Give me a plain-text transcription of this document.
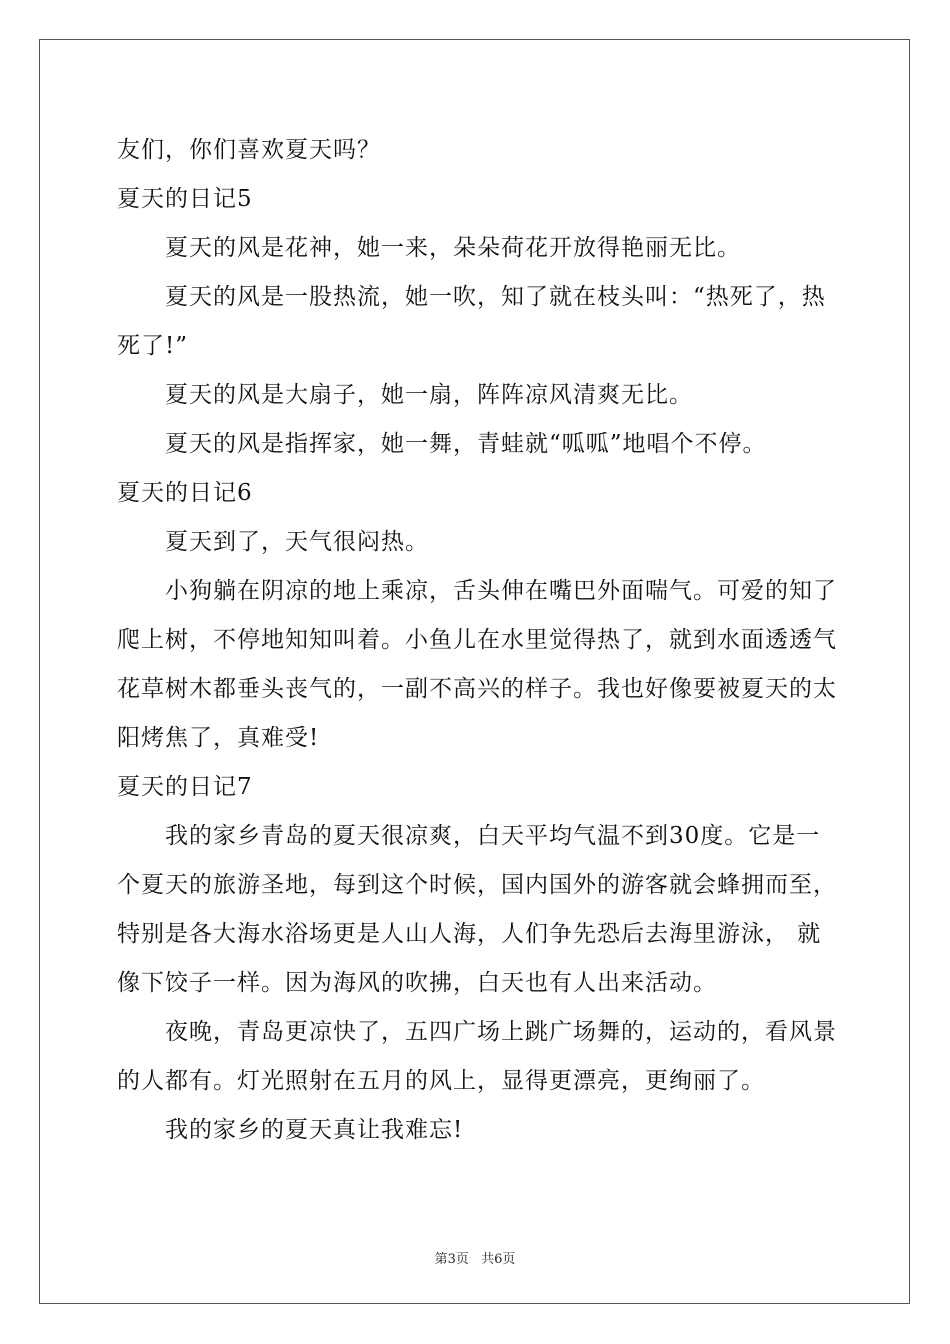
友们，你们喜欢夏天吗？
夏天的日记5
夏天的风是花神，她一来，朵朵荷花开放得艳丽无比。
夏天的风是一股热流，她一吹，知了就在枝头叫：“热死了，热
死了!”
夏天的风是大扇子，她一扇，阵阵凉风清爽无比。
夏天的风是指挥家，她一舞，青蛙就“呱呱”地唱个不停。
夏天的日记6
夏天到了，天气很闷热。
小狗躺在阴凉的地上乘凉，舌头伸在嘴巴外面喘气。可爱的知了
爬上树，不停地知知叫着。小鱼儿在水里觉得热了，就到水面透透气
花草树木都垂头丧气的，一副不高兴的样子。我也好像要被夏天的太
阳烤焦了，真难受!
夏天的日记7
我的家乡青岛的夏天很凉爽，白天平均气温不到30度。它是一
个夏天的旅游圣地，每到这个时候，国内国外的游客就会蜂拥而至，
特别是各大海水浴场更是人山人海，人们争先恐后去海里游泳， 就
像下饺子一样。因为海风的吹拂，白天也有人出来活动。
夜晚，青岛更凉快了，五四广场上跳广场舞的，运动的，看风景
的人都有。灯光照射在五月的风上，显得更漂亮，更绚丽了。
我的家乡的夏天真让我难忘!
第3页 共6页
